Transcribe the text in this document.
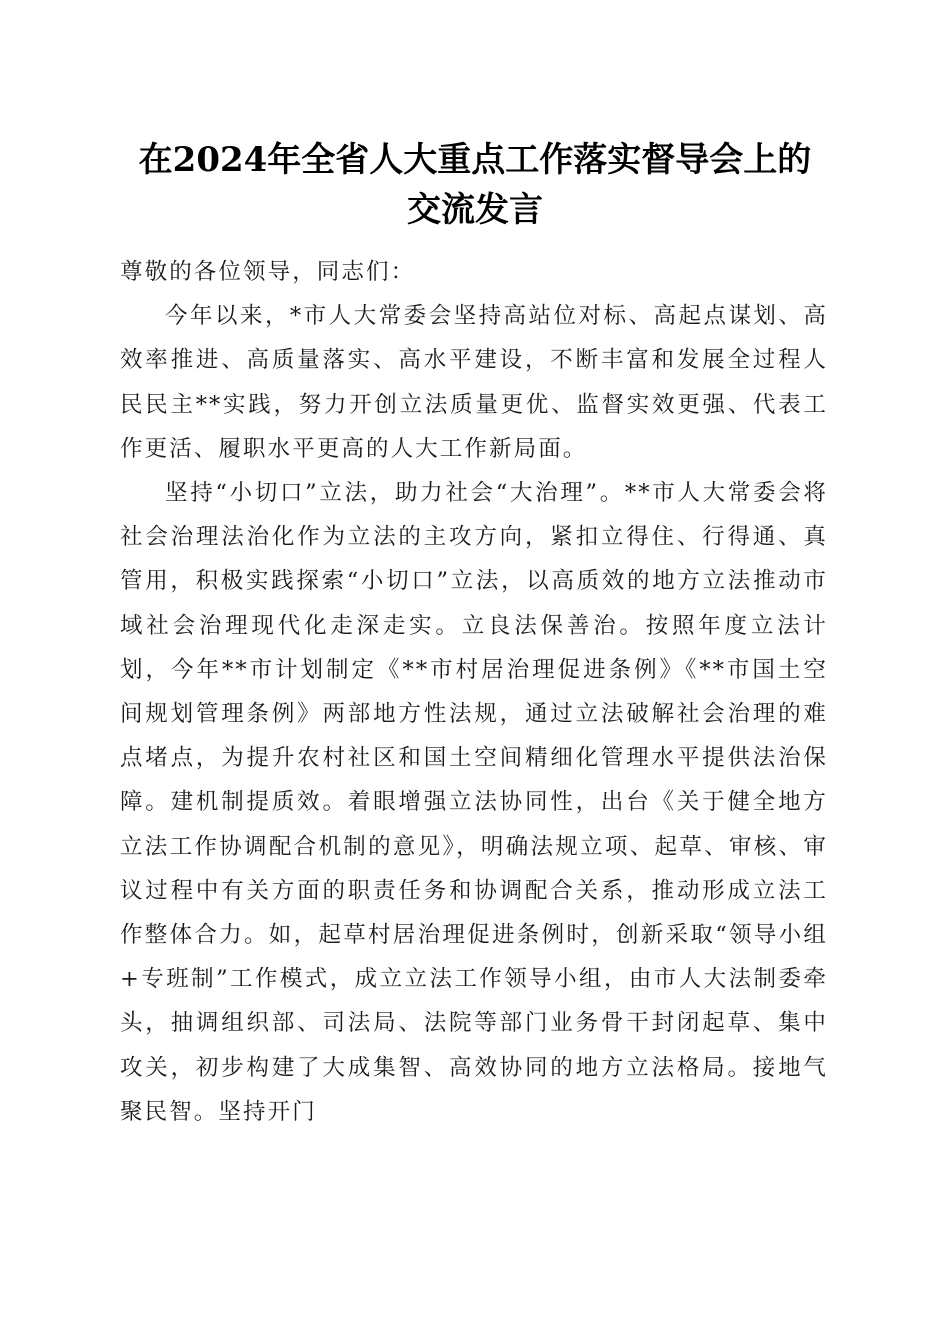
在2024年全省人大重点工作落实督导会上的
交流发言

尊敬的各位领导，同志们：

今年以来，*市人大常委会坚持高站位对标、高起点谋划、高效率推进、高质量落实、高水平建设，不断丰富和发展全过程人民民主**实践，努力开创立法质量更优、监督实效更强、代表工作更活、履职水平更高的人大工作新局面。

坚持“小切口”立法，助力社会“大治理”。**市人大常委会将社会治理法治化作为立法的主攻方向，紧扣立得住、行得通、真管用，积极实践探索“小切口”立法，以高质效的地方立法推动市域社会治理现代化走深走实。立良法保善治。按照年度立法计划，今年**市计划制定《**市村居治理促进条例》《**市国土空间规划管理条例》两部地方性法规，通过立法破解社会治理的难点堵点，为提升农村社区和国土空间精细化管理水平提供法治保障。建机制提质效。着眼增强立法协同性，出台《关于健全地方立法工作协调配合机制的意见》，明确法规立项、起草、审核、审议过程中有关方面的职责任务和协调配合关系，推动形成立法工作整体合力。如，起草村居治理促进条例时，创新采取“领导小组+专班制”工作模式，成立立法工作领导小组，由市人大法制委牵头，抽调组织部、司法局、法院等部门业务骨干封闭起草、集中攻关，初步构建了大成集智、高效协同的地方立法格局。接地气聚民智。坚持开门
